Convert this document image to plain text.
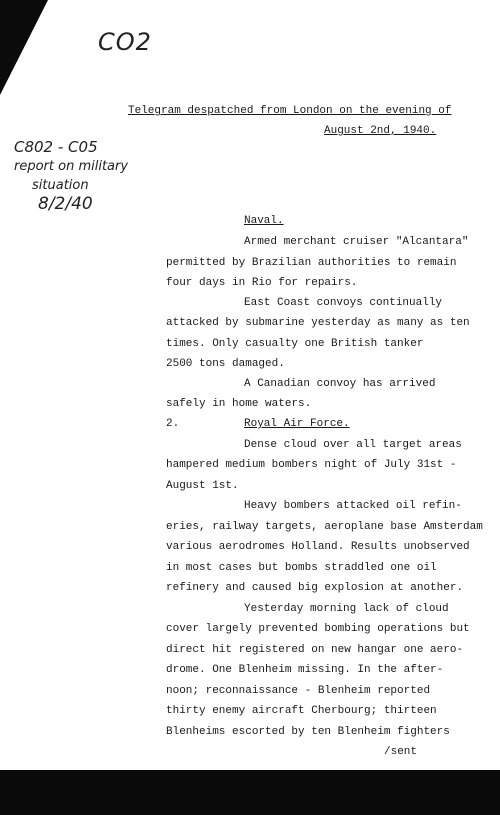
CO2
C802 - C05
report on military
situation
8/2/40
Telegram despatched from London on the evening of
August 2nd, 1940.
Naval.
Armed merchant cruiser "Alcantara"
permitted by Brazilian authorities to remain
four days in Rio for repairs.
East Coast convoys continually
attacked by submarine yesterday as many as ten
times. Only casualty one British tanker
2500 tons damaged.
A Canadian convoy has arrived
safely in home waters.
2.	Royal Air Force.
Dense cloud over all target areas
hampered medium bombers night of July 31st -
August 1st.
Heavy bombers attacked oil refin-
eries, railway targets, aeroplane base Amsterdam
various aerodromes Holland. Results unobserved
in most cases but bombs straddled one oil
refinery and caused big explosion at another.
Yesterday morning lack of cloud
cover largely prevented bombing operations but
direct hit registered on new hangar one aero-
drome. One Blenheim missing. In the after-
noon; reconnaissance - Blenheim reported
thirty enemy aircraft Cherbourg; thirteen
Blenheims escorted by ten Blenheim fighters
/sent
